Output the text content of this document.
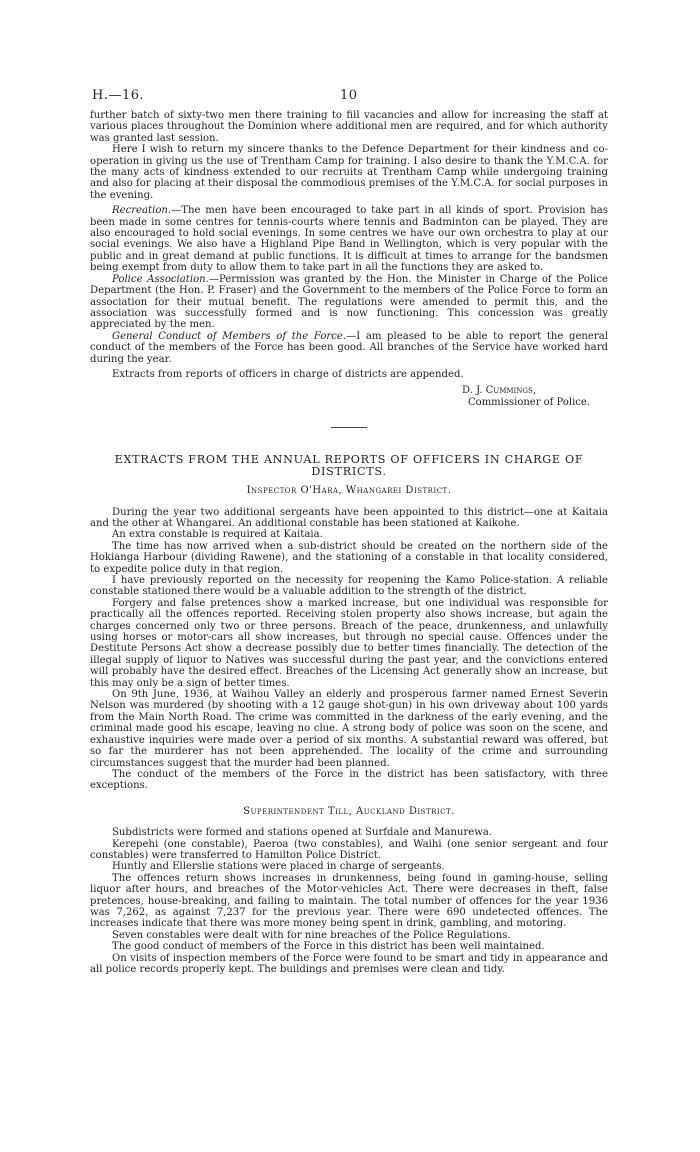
H.—16.	10

further batch of sixty-two men there training to fill vacancies and allow for increasing the staff at various places throughout the Dominion where additional men are required, and for which authority was granted last session.

Here I wish to return my sincere thanks to the Defence Department for their kindness and co-operation in giving us the use of Trentham Camp for training. I also desire to thank the Y.M.C.A. for the many acts of kindness extended to our recruits at Trentham Camp while undergoing training and also for placing at their disposal the commodious premises of the Y.M.C.A. for social purposes in the evening.

Recreation.—The men have been encouraged to take part in all kinds of sport. Provision has been made in some centres for tennis-courts where tennis and Badminton can be played. They are also encouraged to hold social evenings. In some centres we have our own orchestra to play at our social evenings. We also have a Highland Pipe Band in Wellington, which is very popular with the public and in great demand at public functions. It is difficult at times to arrange for the bandsmen being exempt from duty to allow them to take part in all the functions they are asked to.

Police Association.—Permission was granted by the Hon. the Minister in Charge of the Police Department (the Hon. P. Fraser) and the Government to the members of the Police Force to form an association for their mutual benefit. The regulations were amended to permit this, and the association was successfully formed and is now functioning. This concession was greatly appreciated by the men.

General Conduct of Members of the Force.—I am pleased to be able to report the general conduct of the members of the Force has been good. All branches of the Service have worked hard during the year.

Extracts from reports of officers in charge of districts are appended.

D. J. Cummings,
Commissioner of Police.
EXTRACTS FROM THE ANNUAL REPORTS OF OFFICERS IN CHARGE OF DISTRICTS.
Inspector O'Hara, Whangarei District.

During the year two additional sergeants have been appointed to this district—one at Kaitaia and the other at Whangarei. An additional constable has been stationed at Kaikohe.

An extra constable is required at Kaitaia.

The time has now arrived when a sub-district should be created on the northern side of the Hokianga Harbour (dividing Rawene), and the stationing of a constable in that locality considered, to expedite police duty in that region.

I have previously reported on the necessity for reopening the Kamo Police-station. A reliable constable stationed there would be a valuable addition to the strength of the district.

Forgery and false pretences show a marked increase, but one individual was responsible for practically all the offences reported. Receiving stolen property also shows increase, but again the charges concerned only two or three persons. Breach of the peace, drunkenness, and unlawfully using horses or motor-cars all show increases, but through no special cause. Offences under the Destitute Persons Act show a decrease possibly due to better times financially. The detection of the illegal supply of liquor to Natives was successful during the past year, and the convictions entered will probably have the desired effect. Breaches of the Licensing Act generally show an increase, but this may only be a sign of better times.

On 9th June, 1936, at Waihou Valley an elderly and prosperous farmer named Ernest Severin Nelson was murdered (by shooting with a 12 gauge shot-gun) in his own driveway about 100 yards from the Main North Road. The crime was committed in the darkness of the early evening, and the criminal made good his escape, leaving no clue. A strong body of police was soon on the scene, and exhaustive inquiries were made over a period of six months. A substantial reward was offered, but so far the murderer has not been apprehended. The locality of the crime and surrounding circumstances suggest that the murder had been planned.

The conduct of the members of the Force in the district has been satisfactory, with three exceptions.

Superintendent Till, Auckland District.

Subdistricts were formed and stations opened at Surfdale and Manurewa.

Kerepehi (one constable), Paeroa (two constables), and Waihi (one senior sergeant and four constables) were transferred to Hamilton Police District.

Huntly and Ellerslie stations were placed in charge of sergeants.

The offences return shows increases in drunkenness, being found in gaming-house, selling liquor after hours, and breaches of the Motor-vehicles Act. There were decreases in theft, false pretences, house-breaking, and failing to maintain. The total number of offences for the year 1936 was 7,262, as against 7,237 for the previous year. There were 690 undetected offences. The increases indicate that there was more money being spent in drink, gambling, and motoring.

Seven constables were dealt with for nine breaches of the Police Regulations.

The good conduct of members of the Force in this district has been well maintained.

On visits of inspection members of the Force were found to be smart and tidy in appearance and all police records properly kept. The buildings and premises were clean and tidy.
